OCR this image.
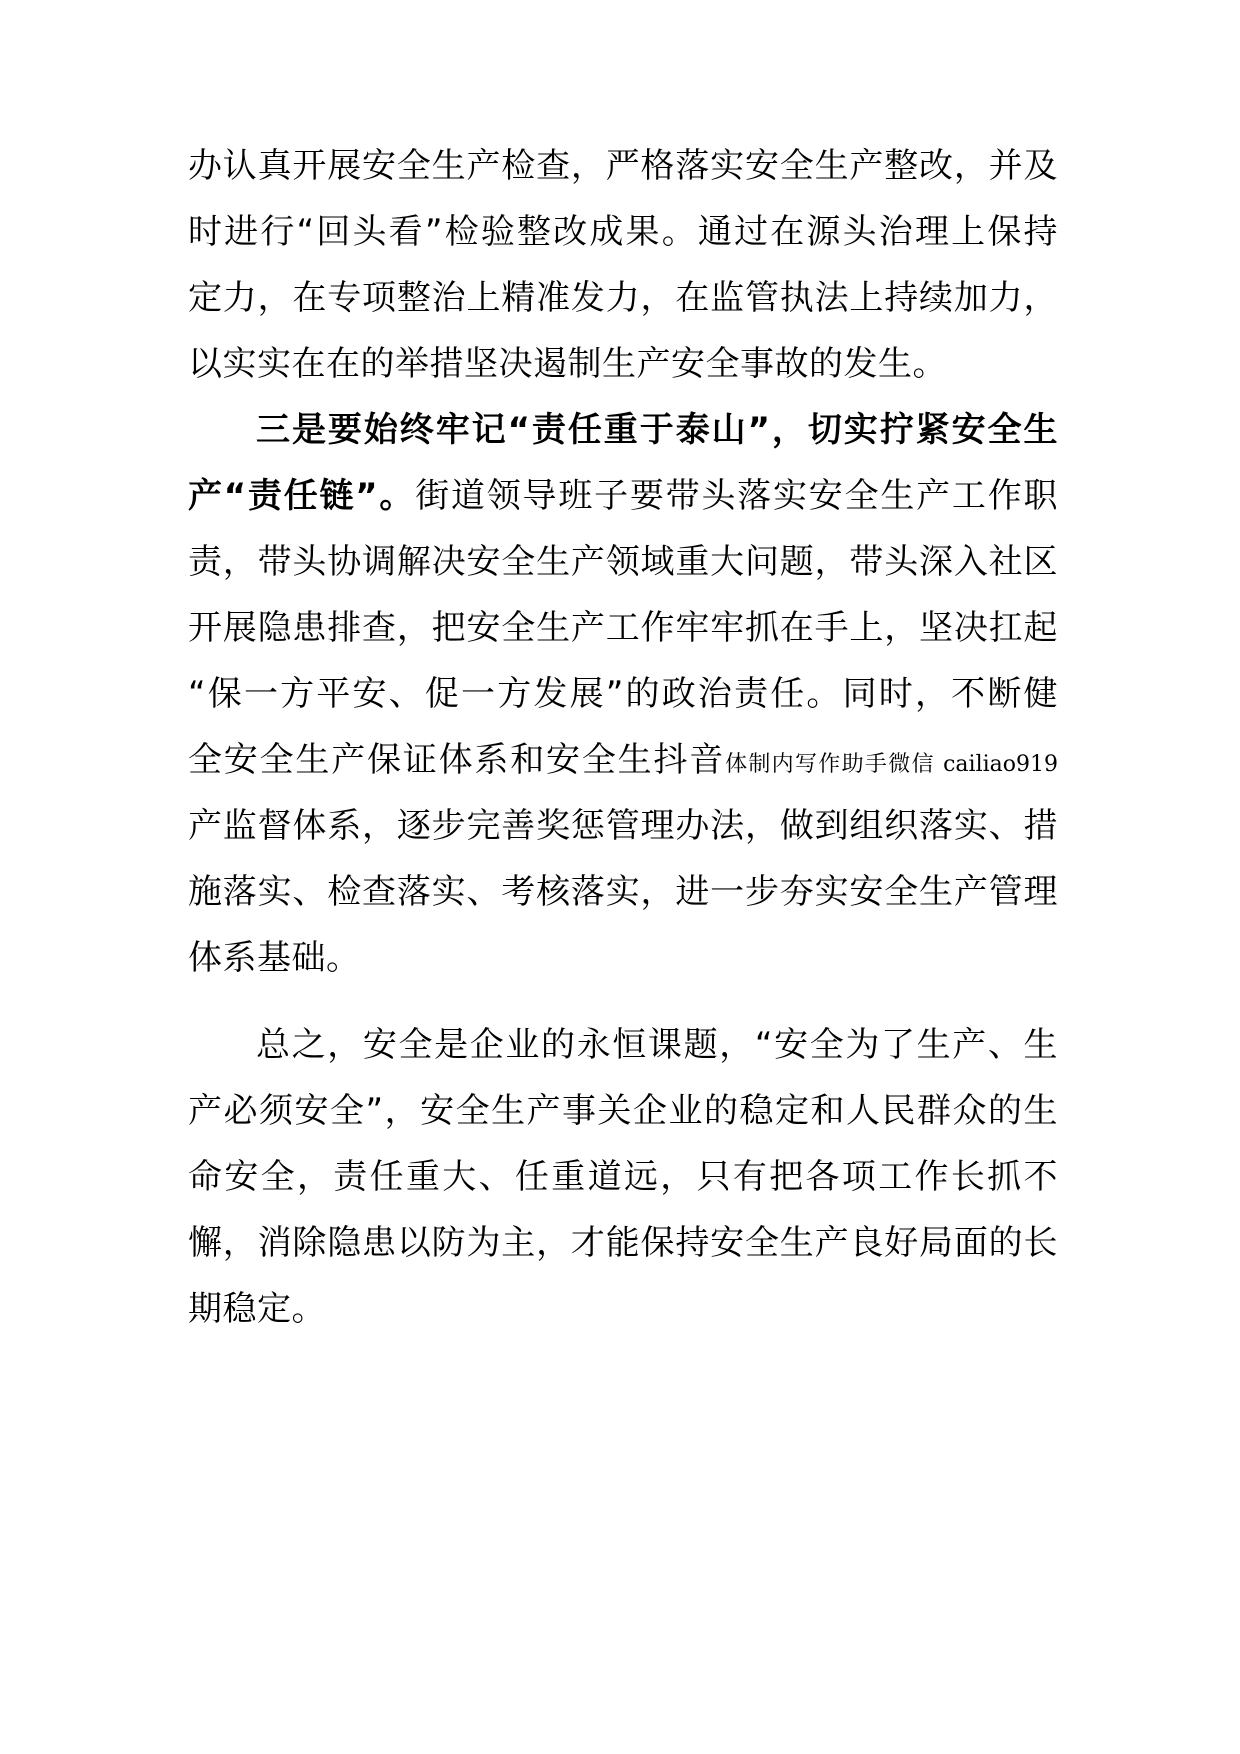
办认真开展安全生产检查，严格落实安全生产整改，并及
时进行“回头看”检验整改成果。通过在源头治理上保持
定力，在专项整治上精准发力，在监管执法上持续加力，
以实实在在的举措坚决遏制生产安全事故的发生。
三是要始终牢记“责任重于泰山”，切实拧紧安全生
产“责任链”。街道领导班子要带头落实安全生产工作职
责，带头协调解决安全生产领域重大问题，带头深入社区
开展隐患排查，把安全生产工作牢牢抓在手上，坚决扛起
“保一方平安、促一方发展”的政治责任。同时，不断健
全安全生产保证体系和安全生抖音体制内写作助手微信 cailiao919
产监督体系，逐步完善奖惩管理办法，做到组织落实、措
施落实、检查落实、考核落实，进一步夯实安全生产管理
体系基础。
总之，安全是企业的永恒课题，“安全为了生产、生
产必须安全”，安全生产事关企业的稳定和人民群众的生
命安全，责任重大、任重道远，只有把各项工作长抓不
懈，消除隐患以防为主，才能保持安全生产良好局面的长
期稳定。
